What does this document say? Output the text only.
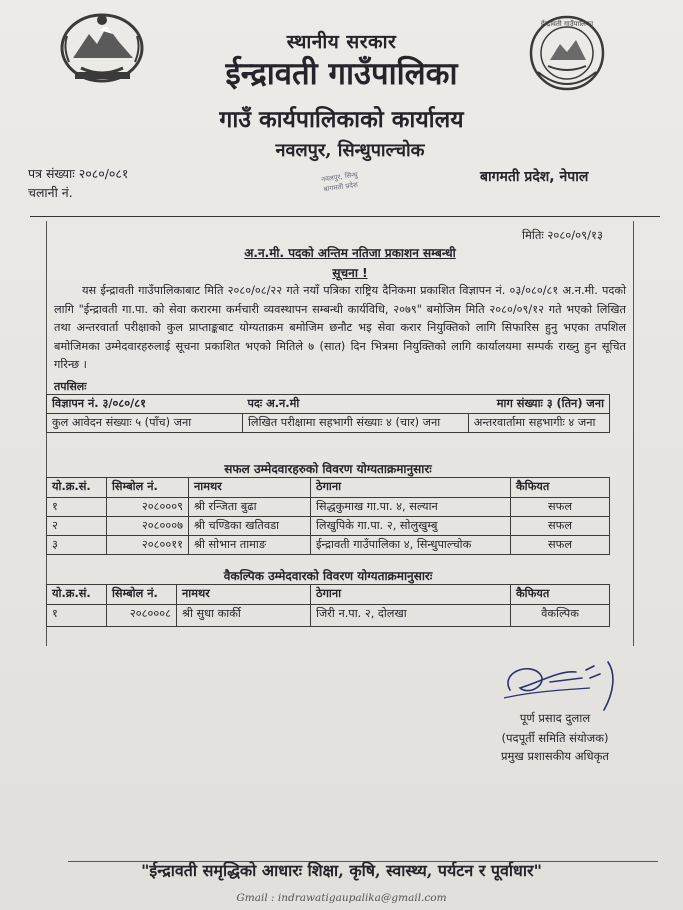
ईन्द्रावती गाउँपालिका
स्थानीय सरकार
ईन्द्रावती गाउँपालिका
गाउँ कार्यपालिकाको कार्यालय
नवलपुर, सिन्धुपाल्चोक
पत्र संख्याः २०८०/०८१
चलानी नं.
बागमती प्रदेश, नेपाल
नवलपुर, सिन्धु
बागमती प्रदेश
मितिः २०८०/०९/१३
अ.न.मी. पदको अन्तिम नतिजा प्रकाशन सम्बन्धी
सूचना !
यस ईन्द्रावती गाउँपालिकाबाट मिति २०८०/०८/२२ गते नयाँ पत्रिका राष्ट्रिय दैनिकमा प्रकाशित विज्ञापन नं. ०३/०८०/८१ अ.न.मी. पदको लागि "ईन्द्रावती गा.पा. को सेवा करारमा कर्मचारी व्यवस्थापन सम्बन्धी कार्यविधि, २०७९" बमोजिम मिति २०८०/०९/१२ गते भएको लिखित तथा अन्तरवार्ता परीक्षाको कुल प्राप्ताङ्कबाट योग्यताक्रम बमोजिम छनौट भइ सेवा करार नियुक्तिको लागि सिफारिस हुनु भएका तपशिल बमोजिमका उम्मेदवारहरुलाई सूचना प्रकाशित भएको मितिले ७ (सात) दिन भित्रमा नियुक्तिको लागि कार्यालयमा सम्पर्क राख्नु हुन सूचित गरिन्छ ।
तपसिलः
विज्ञापन नं. ३/०८०/८१	पदः अ.न.मी	माग संख्याः ३ (तिन) जना
कुल आवेदन संख्याः ५ (पाँच) जना	लिखित परीक्षामा सहभागी संख्याः ४ (चार) जना	अन्तरवार्तामा सहभागीः ४ जना
सफल उम्मेदवारहरुको विवरण योग्यताक्रमानुसारः
यो.क्र.सं.	सिम्बोल नं.	नामथर	ठेगाना	कैफियत
१	२०८०००९	श्री रन्जिता बुढा	सिद्धकुमाख गा.पा. ४, सल्यान	सफल
२	२०८०००७	श्री चण्डिका खतिवडा	लिखुपिके गा.पा. २, सोलुखुम्बु	सफल
३	२०८००११	श्री सोभान तामाङ	ईन्द्रावती गाउँपालिका ४, सिन्धुपाल्चोक	सफल
वैकल्पिक उम्मेदवारको विवरण योग्यताक्रमानुसारः
यो.क्र.सं.	सिम्बोल नं.	नामथर	ठेगाना	कैफियत
१	२०८०००८	श्री सुधा कार्की	जिरी न.पा. २, दोलखा	वैकल्पिक
पूर्ण प्रसाद दुलाल
(पदपूर्ती समिति संयोजक)
प्रमुख प्रशासकीय अधिकृत
"ईन्द्रावती समृद्धिको आधारः शिक्षा, कृषि, स्वास्थ्य, पर्यटन र पूर्वाधार"
Gmail : indrawatigaupalika@gmail.com
